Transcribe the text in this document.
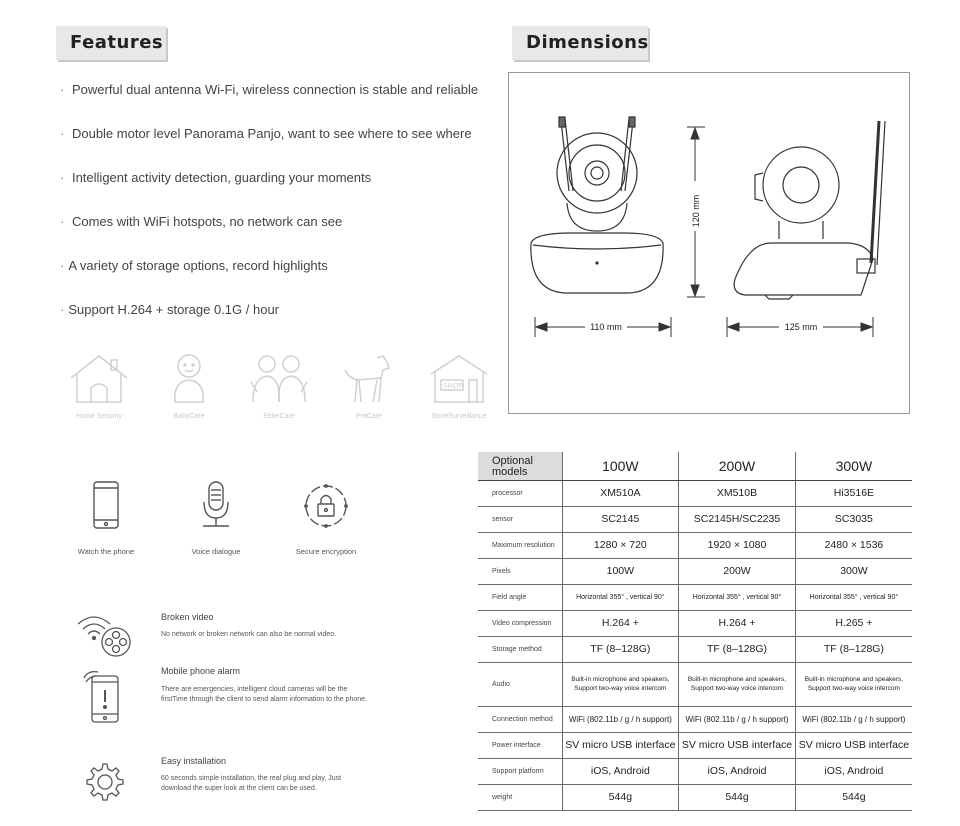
Features
· Powerful dual antenna Wi-Fi, wireless connection is stable and reliable
· Double motor level Panorama Panjo, want to see where to see where
· Intelligent activity detection, guarding your moments
· Comes with WiFi hotspots, no network can see
· A variety of storage options, record highlights
· Support H.264 + storage 0.1G / hour
Home Security	BabyCare	ElderCare	PetCare
SHOP
StoreSurveillance
Dimensions
120 mm
110 mm	125 mm
Watch the phone	Voice dialogue	Secure encryption
Broken video
No network or broken network can also be normal video.
Mobile phone alarm
There are emergencies, intelligent cloud cameras will be the firstTime through the client to send alarm information to the phone.
Easy installation
60 seconds simple installation, the real plug and play, Just download the super look at the client can be used.
Optional models	100W	200W	300W
processor	XM510A	XM510B	Hi3516E
sensor	SC2145	SC2145H/SC2235	SC3035
Maximum resolution	1280 × 720	1920 × 1080	2480 × 1536
Pixels	100W	200W	300W
Field angle	Horizontal 355° , vertical 90°	Horizontal 355° , vertical 90°	Horizontal 355° , vertical 90°
Video compression	H.264 +	H.264 +	H.265 +
Storage method	TF (8–128G)	TF (8–128G)	TF (8–128G)
Audio	Built-in microphone and speakers, Support two-way voice intercom	Built-in microphone and speakers, Support two-way voice intercom	Built-in microphone and speakers, Support two-way voice intercom
Connection method	WiFi (802.11b / g / h support)	WiFi (802.11b / g / h support)	WiFi (802.11b / g / h support)
Power interface	SV micro USB interface	SV micro USB interface	SV micro USB interface
Support platform	iOS, Android	iOS, Android	iOS, Android
weight	544g	544g	544g
